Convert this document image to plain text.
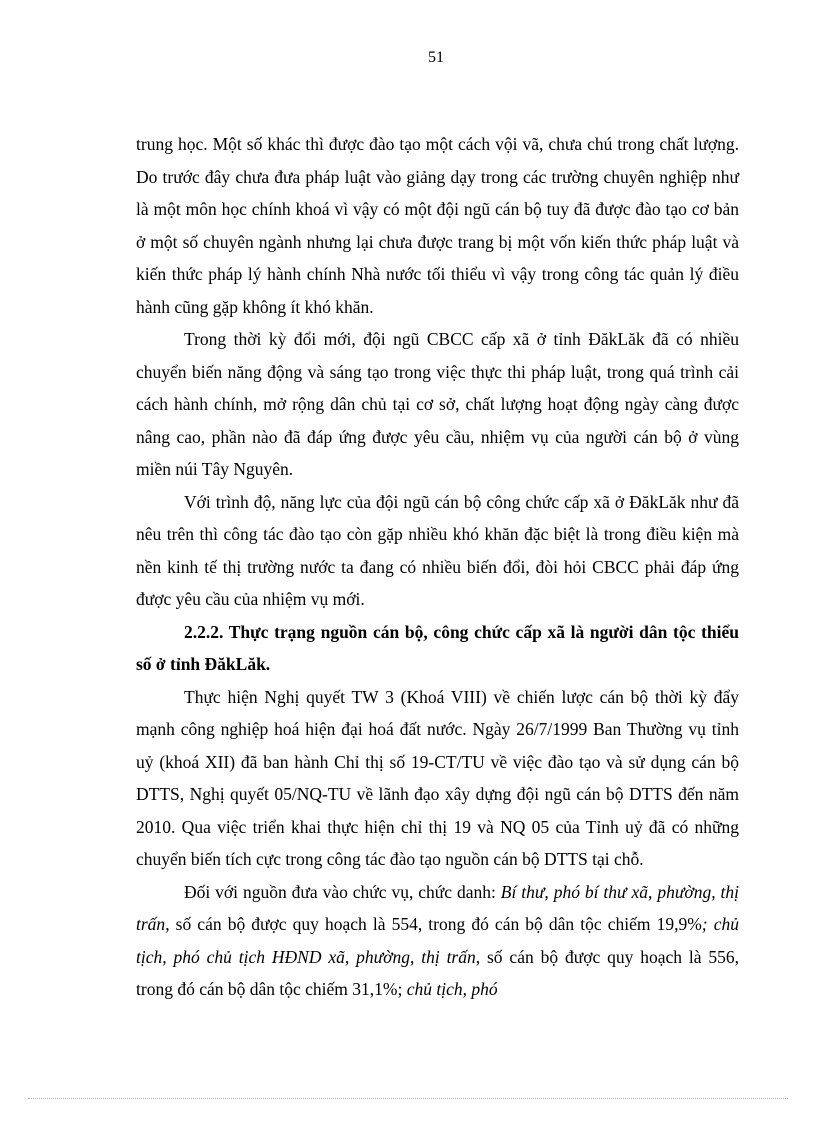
51

trung học. Một số khác thì được đào tạo một cách vội vã, chưa chú trong chất lượng. Do trước đây chưa đưa pháp luật vào giảng dạy trong các trường chuyên nghiệp như là một môn học chính khoá vì vậy có một đội ngũ cán bộ tuy đã được đào tạo cơ bản ở một số chuyên ngành nhưng lại chưa được trang bị một vốn kiến thức pháp luật và kiến thức pháp lý hành chính Nhà nước tối thiểu vì vậy trong công tác quản lý điều hành cũng gặp không ít khó khăn.

Trong thời kỳ đổi mới, đội ngũ CBCC cấp xã ở tỉnh ĐăkLăk đã có nhiều chuyển biến năng động và sáng tạo trong việc thực thi pháp luật, trong quá trình cải cách hành chính, mở rộng dân chủ tại cơ sở, chất lượng hoạt động ngày càng được nâng cao, phần nào đã đáp ứng được yêu cầu, nhiệm vụ của người cán bộ ở vùng miền núi Tây Nguyên.

Với trình độ, năng lực của đội ngũ cán bộ công chức cấp xã ở ĐăkLăk như đã nêu trên thì công tác đào tạo còn gặp nhiều khó khăn đặc biệt là trong điều kiện mà nền kinh tế thị trường nước ta đang có nhiều biến đổi, đòi hỏi CBCC phải đáp ứng được yêu cầu của nhiệm vụ mới.

2.2.2. Thực trạng nguồn cán bộ, công chức cấp xã là người dân tộc thiểu số ở tỉnh ĐăkLăk.

Thực hiện Nghị quyết TW 3 (Khoá VIII) về chiến lược cán bộ thời kỳ đẩy mạnh công nghiệp hoá hiện đại hoá đất nước. Ngày 26/7/1999 Ban Thường vụ tỉnh uỷ (khoá XII) đã ban hành Chỉ thị số 19-CT/TU về việc đào tạo và sử dụng cán bộ DTTS, Nghị quyết 05/NQ-TU về lãnh đạo xây dựng đội ngũ cán bộ DTTS đến năm 2010. Qua việc triển khai thực hiện chỉ thị 19 và NQ 05 của Tỉnh uỷ đã có những chuyển biến tích cực trong công tác đào tạo nguồn cán bộ DTTS tại chỗ.

Đối với nguồn đưa vào chức vụ, chức danh: Bí thư, phó bí thư xã, phường, thị trấn, số cán bộ được quy hoạch là 554, trong đó cán bộ dân tộc chiếm 19,9%; chủ tịch, phó chủ tịch HĐND xã, phường, thị trấn, số cán bộ được quy hoạch là 556, trong đó cán bộ dân tộc chiếm 31,1%; chủ tịch, phó
